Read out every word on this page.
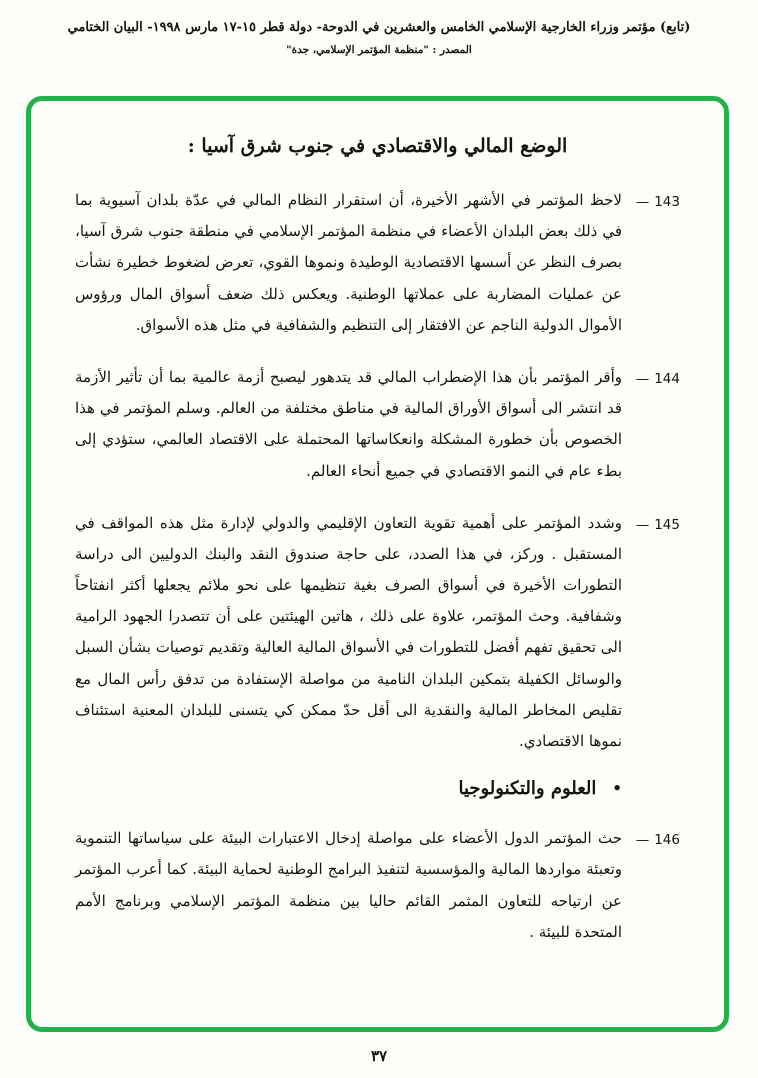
(تابع) مؤتمر وزراء الخارجية الإسلامي الخامس والعشرين في الدوحة- دولة قطر ١٥-١٧ مارس ١٩٩٨- البيان الختامي
المصدر : "منظمة المؤتمر الإسلامي، جدة"
الوضع المالي والاقتصادي في جنوب شرق آسيا :
143
—
لاحظ المؤتمر في الأشهر الأخيرة، أن استقرار النظام المالي في عدّة بلدان آسيوية بما في ذلك بعض البلدان الأعضاء في منظمة المؤتمر الإسلامي في منطقة جنوب شرق آسيا، بصرف النظر عن أسسها الاقتصادية الوطيدة ونموها القوي، تعرض لضغوط خطيرة نشأت عن عمليات المضاربة على عملاتها الوطنية. ويعكس ذلك ضعف أسواق المال ورؤوس الأموال الدولية الناجم عن الافتقار إلى التنظيم والشفافية في مثل هذه الأسواق.
144
—
وأقر المؤتمر بأن هذا الإضطراب المالي قد يتدهور ليصبح أزمة عالمية بما أن تأثير الأزمة قد انتشر الى أسواق الأوراق المالية في مناطق مختلفة من العالم. وسلم المؤتمر في هذا الخصوص بأن خطورة المشكلة وانعكاساتها المحتملة على الاقتصاد العالمي، ستؤدي إلى بطء عام في النمو الاقتصادي في جميع أنحاء العالم.
145
—
وشدد المؤتمر على أهمية تقوية التعاون الإقليمي والدولي لإدارة مثل هذه المواقف في المستقبل . وركز، في هذا الصدد، على حاجة صندوق النقد والبنك الدوليين الى دراسة التطورات الأخيرة في أسواق الصرف بغية تنظيمها على نحو ملائم يجعلها أكثر انفتاحاً وشفافية. وحث المؤتمر، علاوة على ذلك ، هاتين الهيئتين على أن تتصدرا الجهود الرامية الى تحقيق تفهم أفضل للتطورات في الأسواق المالية العالية وتقديم توصيات بشأن السبل والوسائل الكفيلة بتمكين البلدان النامية من مواصلة الإستفادة من تدفق رأس المال مع تقليص المخاطر المالية والنقدية الى أقل حدّ ممكن كي يتسنى للبلدان المعنية استئناف نموها الاقتصادي.
•
العلوم والتكنولوجيا
146
—
حث المؤتمر الدول الأعضاء على مواصلة إدخال الاعتبارات البيئة على سياساتها التنموية وتعبئة مواردها المالية والمؤسسية لتنفيذ البرامج الوطنية لحماية البيئة. كما أعرب المؤتمر عن ارتياحه للتعاون المثمر القائم حاليا بين منظمة المؤتمر الإسلامي وبرنامج الأمم المتحدة للبيئة .
٣٧
